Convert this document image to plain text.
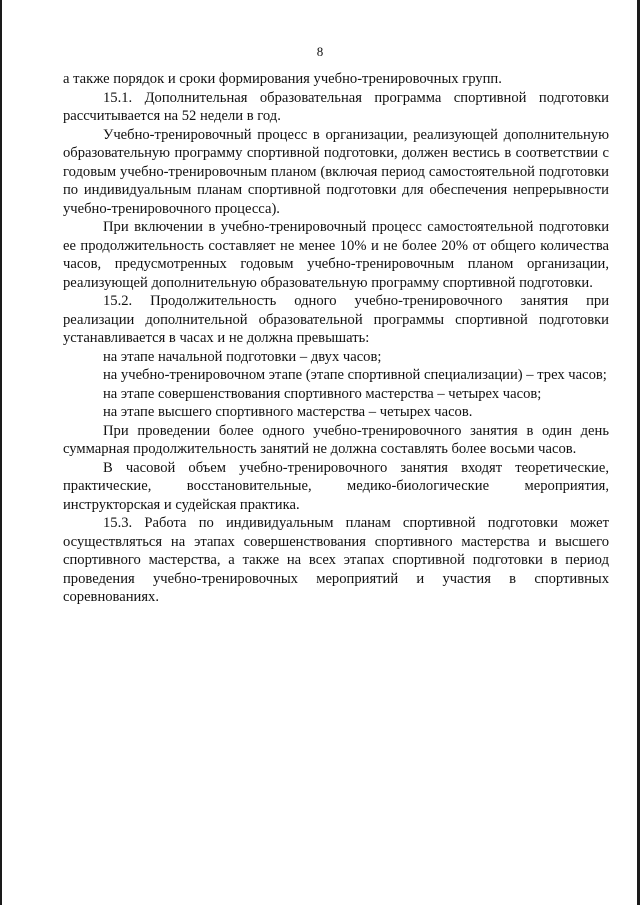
8

а также порядок и сроки формирования учебно-тренировочных групп.

15.1. Дополнительная образовательная программа спортивной подготовки рассчитывается на 52 недели в год.

Учебно-тренировочный процесс в организации, реализующей дополнительную образовательную программу спортивной подготовки, должен вестись в соответствии с годовым учебно-тренировочным планом (включая период самостоятельной подготовки по индивидуальным планам спортивной подготовки для обеспечения непрерывности учебно-тренировочного процесса).

При включении в учебно-тренировочный процесс самостоятельной подготовки ее продолжительность составляет не менее 10% и не более 20% от общего количества часов, предусмотренных годовым учебно-тренировочным планом организации, реализующей дополнительную образовательную программу спортивной подготовки.

15.2. Продолжительность одного учебно-тренировочного занятия при реализации дополнительной образовательной программы спортивной подготовки устанавливается в часах и не должна превышать:

на этапе начальной подготовки – двух часов;

на учебно-тренировочном этапе (этапе спортивной специализации) – трех часов;

на этапе совершенствования спортивного мастерства – четырех часов;

на этапе высшего спортивного мастерства – четырех часов.

При проведении более одного учебно-тренировочного занятия в один день суммарная продолжительность занятий не должна составлять более восьми часов.

В часовой объем учебно-тренировочного занятия входят теоретические, практические, восстановительные, медико-биологические мероприятия, инструкторская и судейская практика.

15.3. Работа по индивидуальным планам спортивной подготовки может осуществляться на этапах совершенствования спортивного мастерства и высшего спортивного мастерства, а также на всех этапах спортивной подготовки в период проведения учебно-тренировочных мероприятий и участия в спортивных соревнованиях.
